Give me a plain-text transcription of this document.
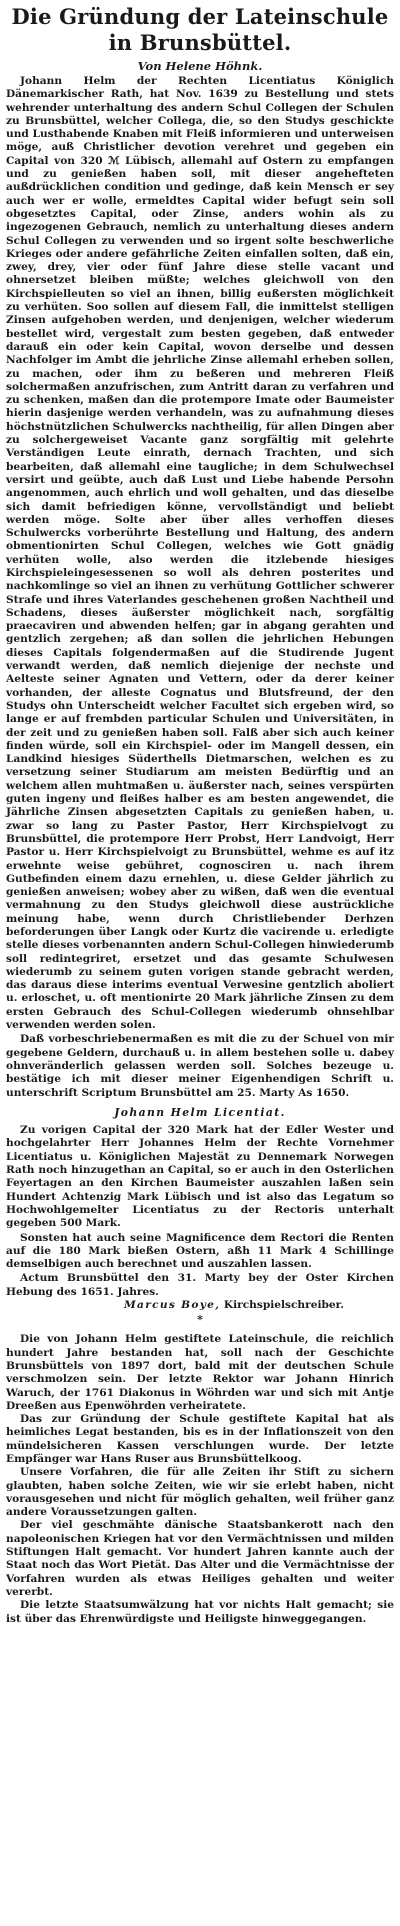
Die Gründung der Lateinschule in Brunsbüttel.
Von Helene Höhnk.

Johann Helm der Rechten Licentiatus Königlich Dänemarkischer Rath, hat Nov. 1639 zu Bestellung und stets wehrender unterhaltung des andern Schul Collegen der Schulen zu Brunsbüttel, welcher Collega, die, so den Studys geschickte und Lusthabende Knaben mit Fleiß informieren und unterweisen möge, auß Christlicher devotion verehret und gegeben ein Capital von 320 ℳ Lübisch, allemahl auf Ostern zu empfangen und zu genießen haben soll, mit dieser angehefteten außdrücklichen condition und gedinge, daß kein Mensch er sey auch wer er wolle, ermeldtes Capital wider befugt sein soll obgesetztes Capital, oder Zinse, anders wohin als zu ingezogenen Gebrauch, nemlich zu unterhaltung dieses andern Schul Collegen zu verwenden und so irgent solte beschwerliche Krieges oder andere gefährliche Zeiten einfallen solten, daß ein, zwey, drey, vier oder fünf Jahre diese stelle vacant und ohnersetzet bleiben müßte; welches gleichwoll von den Kirchspielleuten so viel an ihnen, billig eußersten möglichkeit zu verhüten. Soo sollen auf diesem Fall, die inmittelst stelligen Zinsen aufgehoben werden, und denjenigen, welcher wiederum bestellet wird, vergestalt zum besten gegeben, daß entweder darauß ein oder kein Capital, wovon derselbe und dessen Nachfolger im Ambt die jehrliche Zinse allemahl erheben sollen, zu machen, oder ihm zu beßeren und mehreren Fleiß solchermaßen anzufrischen, zum Antritt daran zu verfahren und zu schenken, maßen dan die protempore Imate oder Baumeister hierin dasjenige werden verhandeln, was zu aufnahmung dieses höchstnützlichen Schulwercks nachtheilig, für allen Dingen aber zu solchergeweiset Vacante ganz sorgfältig mit gelehrte Verständigen Leute einrath, dernach Trachten, und sich bearbeiten, daß allemahl eine taugliche; in dem Schulwechsel versirt und geübte, auch daß Lust und Liebe habende Persohn angenommen, auch ehrlich und woll gehalten, und das dieselbe sich damit befriedigen könne, vervollständigt und beliebt werden möge. Solte aber über alles verhoffen dieses Schulwercks vorberührte Bestellung und Haltung, des andern obmentionirten Schul Collegen, welches wie Gott gnädig verhüten wolle, also werden die itzlebende hiesiges Kirchspieleingesessenen so woll als dehren posterites und nachkomlinge so viel an ihnen zu verhütung Gottlicher schwerer Strafe und ihres Vaterlandes geschehenen großen Nachtheil und Schadens, dieses äußerster möglichkeit nach, sorgfältig praecaviren und abwenden helfen; gar in abgang gerahten und gentzlich zergehen; aß dan sollen die jehrlichen Hebungen dieses Capitals folgendermaßen auf die Studirende Jugent verwandt werden, daß nemlich diejenige der nechste und Aelteste seiner Agnaten und Vettern, oder da derer keiner vorhanden, der alleste Cognatus und Blutsfreund, der den Studys ohn Unterscheidt welcher Facultet sich ergeben wird, so lange er auf frembden particular Schulen und Universitäten, in der zeit und zu genießen haben soll. Falß aber sich auch keiner finden würde, soll ein Kirchspiel- oder im Mangell dessen, ein Landkind hiesiges Süderthells Dietmarschen, welchen es zu versetzung seiner Studiarum am meisten Bedürftig und an welchem allen muhtmaßen u. äußerster nach, seines verspürten guten ingeny und fleißes halber es am besten angewendet, die Jährliche Zinsen abgesetzten Capitals zu genießen haben, u. zwar so lang zu Paster Pastor, Herr Kirchspielvogt zu Brunsbüttel, die protempore Herr Probst, Herr Landvoigt, Herr Pastor u. Herr Kirchspielvoigt zu Brunsbüttel, wehme es auf itz erwehnte weise gebühret, cognosciren u. nach ihrem Gutbefinden einem dazu ernehlen, u. diese Gelder jährlich zu genießen anweisen; wobey aber zu wißen, daß wen die eventual vermahnung zu den Studys gleichwoll diese austrückliche meinung habe, wenn durch Christliebender Derhzen beforderungen über Langk oder Kurtz die vacirende u. erledigte stelle dieses vorbenannten andern Schul-Collegen hinwiederumb soll redintegriret, ersetzet und das gesamte Schulwesen wiederumb zu seinem guten vorigen stande gebracht werden, das daraus diese interims eventual Verwesine gentzlich aboliert u. erloschet, u. oft mentionirte 20 Mark jährliche Zinsen zu dem ersten Gebrauch des Schul-Collegen wiederumb ohnsehlbar verwenden werden solen.

Daß vorbeschriebenermaßen es mit die zu der Schuel von mir gegebene Geldern, durchauß u. in allem bestehen solle u. dabey ohnveränderlich gelassen werden soll. Solches bezeuge u. bestätige ich mit dieser meiner Eigenhendigen Schrift u. unterschrift Scriptum Brunsbüttel am 25. Marty As 1650.

Johann Helm Licentiat.

Zu vorigen Capital der 320 Mark hat der Edler Wester und hochgelahrter Herr Johannes Helm der Rechte Vornehmer Licentiatus u. Königlichen Majestät zu Dennemark Norwegen Rath noch hinzugethan an Capital, so er auch in den Osterlichen Feyertagen an den Kirchen Baumeister auszahlen laßen sein Hundert Achtenzig Mark Lübisch und ist also das Legatum so Hochwohlgemelter Licentiatus zu der Rectoris unterhalt gegeben 500 Mark.

Sonsten hat auch seine Magnificence dem Rectori die Renten auf die 180 Mark bießen Ostern, aßh 11 Mark 4 Schillinge demselbigen auch berechnet und auszahlen lassen.

Actum Brunsbüttel den 31. Marty bey der Oster Kirchen Hebung des 1651. Jahres.

Marcus Boye, Kirchspielschreiber.

*

Die von Johann Helm gestiftete Lateinschule, die reichlich hundert Jahre bestanden hat, soll nach der Geschichte Brunsbüttels von 1897 dort, bald mit der deutschen Schule verschmolzen sein. Der letzte Rektor war Johann Hinrich Waruch, der 1761 Diakonus in Wöhrden war und sich mit Antje Dreeßen aus Epenwöhrden verheiratete.

Das zur Gründung der Schule gestiftete Kapital hat als heimliches Legat bestanden, bis es in der Inflationszeit von den mündelsicheren Kassen verschlungen wurde. Der letzte Empfänger war Hans Ruser aus Brunsbüttelkoog.

Unsere Vorfahren, die für alle Zeiten ihr Stift zu sichern glaubten, haben solche Zeiten, wie wir sie erlebt haben, nicht vorausgesehen und nicht für möglich gehalten, weil früher ganz andere Voraussetzungen galten.

Der viel geschmähte dänische Staatsbankerott nach den napoleonischen Kriegen hat vor den Vermächtnissen und milden Stiftungen Halt gemacht. Vor hundert Jahren kannte auch der Staat noch das Wort Pietät. Das Alter und die Vermächtnisse der Vorfahren wurden als etwas Heiliges gehalten und weiter vererbt.

Die letzte Staatsumwälzung hat vor nichts Halt gemacht; sie ist über das Ehrenwürdigste und Heiligste hinweggegangen.
